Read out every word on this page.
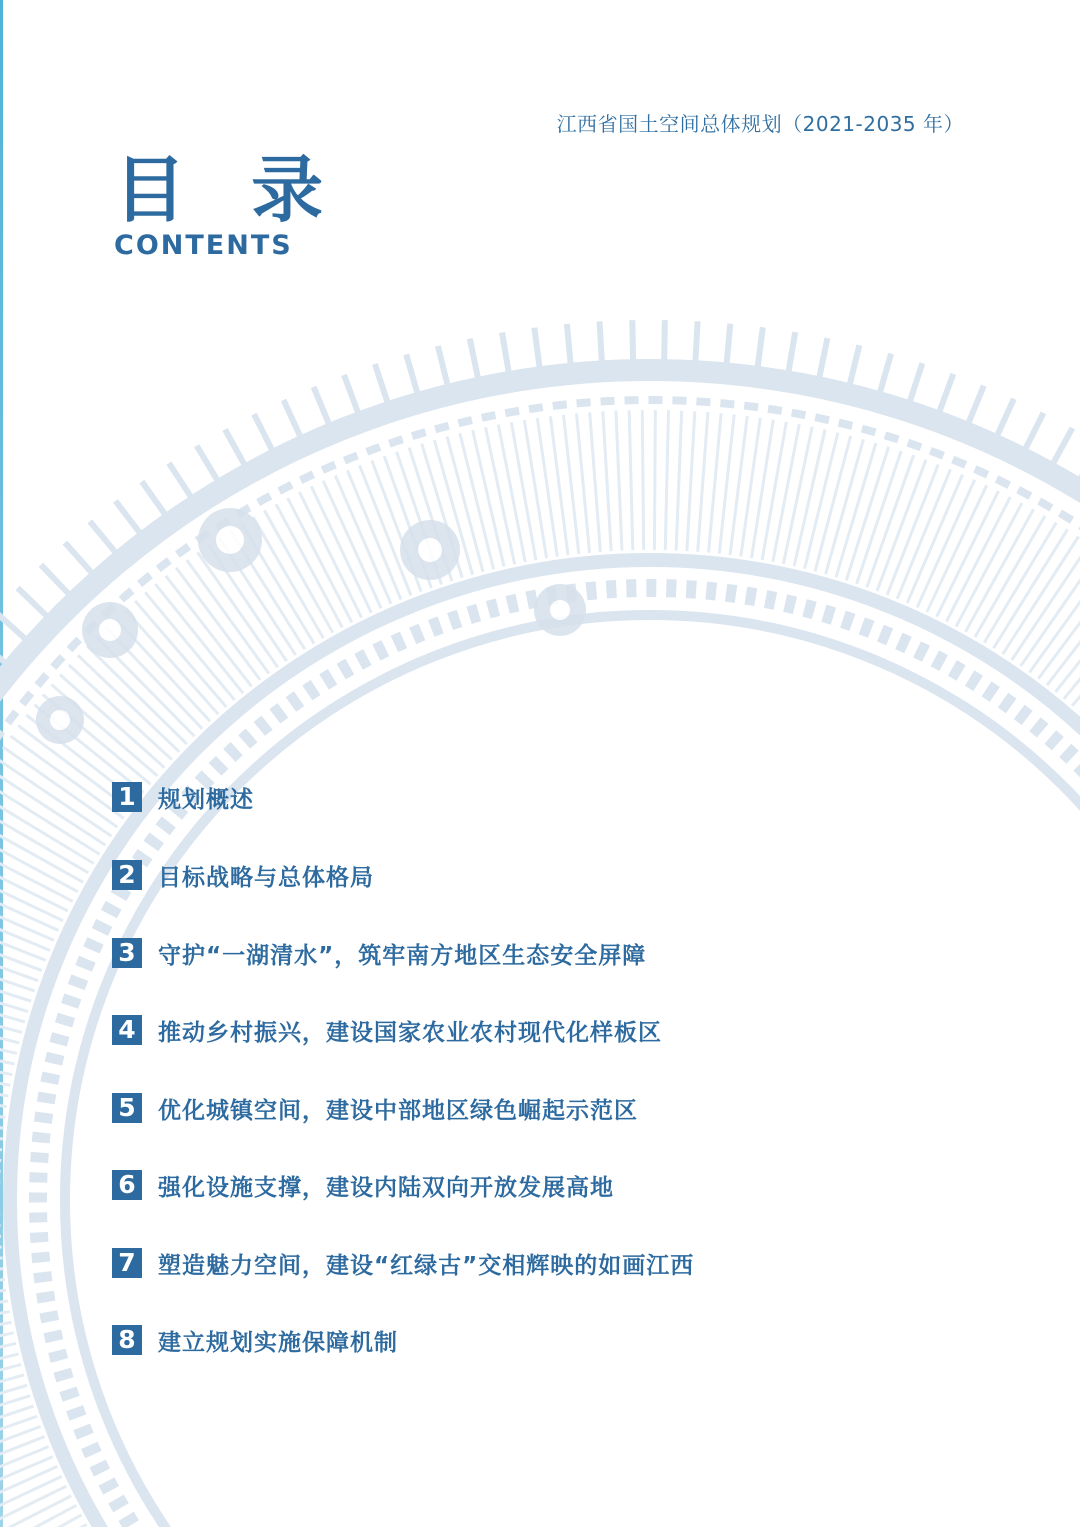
江西省国土空间总体规划（2021-2035 年）
目 录
CONTENTS
1 规划概述
2 目标战略与总体格局
3 守护“一湖清水”，筑牢南方地区生态安全屏障
4 推动乡村振兴，建设国家农业农村现代化样板区
5 优化城镇空间，建设中部地区绿色崛起示范区
6 强化设施支撑，建设内陆双向开放发展高地
7 塑造魅力空间，建设“红绿古”交相辉映的如画江西
8 建立规划实施保障机制
